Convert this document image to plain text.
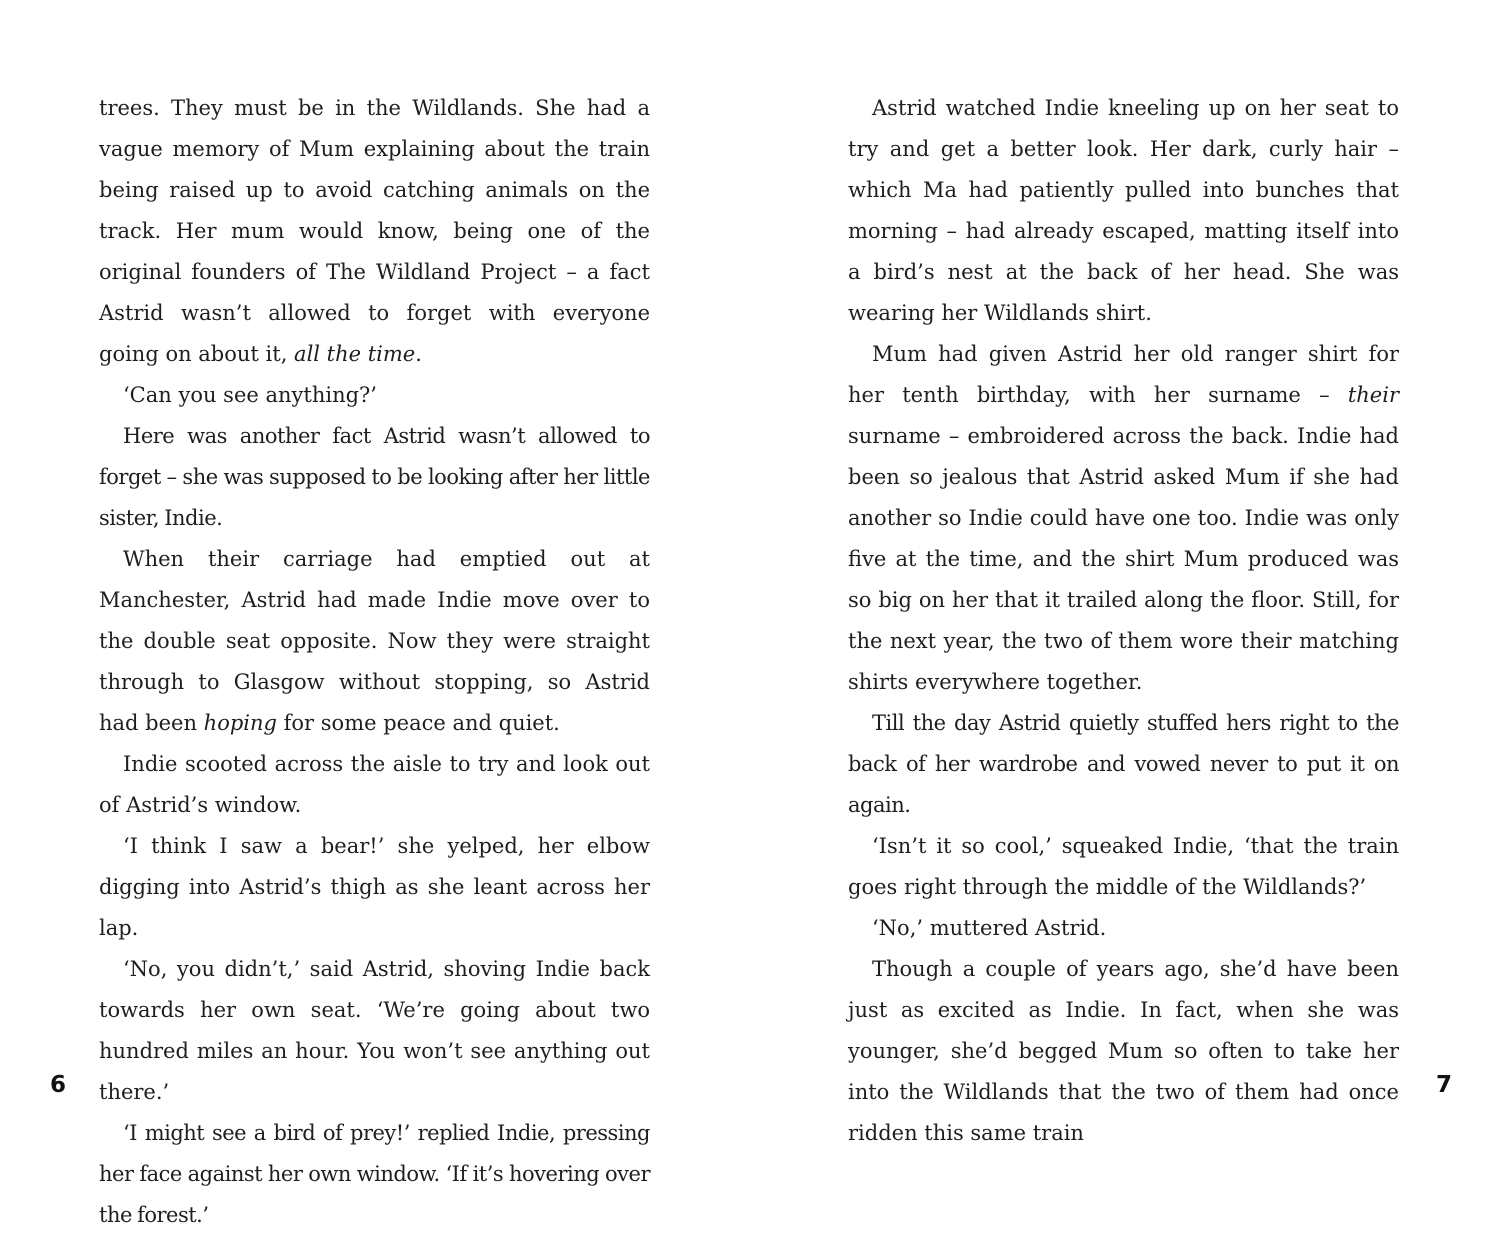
trees. They must be in the Wildlands. She had a vague memory of Mum explaining about the train being raised up to avoid catching animals on the track. Her mum would know, being one of the original founders of The Wildland Project – a fact Astrid wasn’t allowed to forget with everyone going on about it, all the time.

‘Can you see anything?’

Here was another fact Astrid wasn’t allowed to forget – she was supposed to be looking after her little sister, Indie.

When their carriage had emptied out at Manchester, Astrid had made Indie move over to the double seat opposite. Now they were straight through to Glasgow without stopping, so Astrid had been hoping for some peace and quiet.

Indie scooted across the aisle to try and look out of Astrid’s window.

‘I think I saw a bear!’ she yelped, her elbow digging into Astrid’s thigh as she leant across her lap.

‘No, you didn’t,’ said Astrid, shoving Indie back towards her own seat. ‘We’re going about two hundred miles an hour. You won’t see anything out there.’

‘I might see a bird of prey!’ replied Indie, pressing her face against her own window. ‘If it’s hovering over the forest.’

6

Astrid watched Indie kneeling up on her seat to try and get a better look. Her dark, curly hair – which Ma had patiently pulled into bunches that morning – had already escaped, matting itself into a bird’s nest at the back of her head. She was wearing her Wildlands shirt.

Mum had given Astrid her old ranger shirt for her tenth birthday, with her surname – their surname – embroidered across the back. Indie had been so jealous that Astrid asked Mum if she had another so Indie could have one too. Indie was only five at the time, and the shirt Mum produced was so big on her that it trailed along the floor. Still, for the next year, the two of them wore their matching shirts everywhere together.

Till the day Astrid quietly stuffed hers right to the back of her wardrobe and vowed never to put it on again.

‘Isn’t it so cool,’ squeaked Indie, ‘that the train goes right through the middle of the Wildlands?’

‘No,’ muttered Astrid.

Though a couple of years ago, she’d have been just as excited as Indie. In fact, when she was younger, she’d begged Mum so often to take her into the Wildlands that the two of them had once ridden this same train

7
